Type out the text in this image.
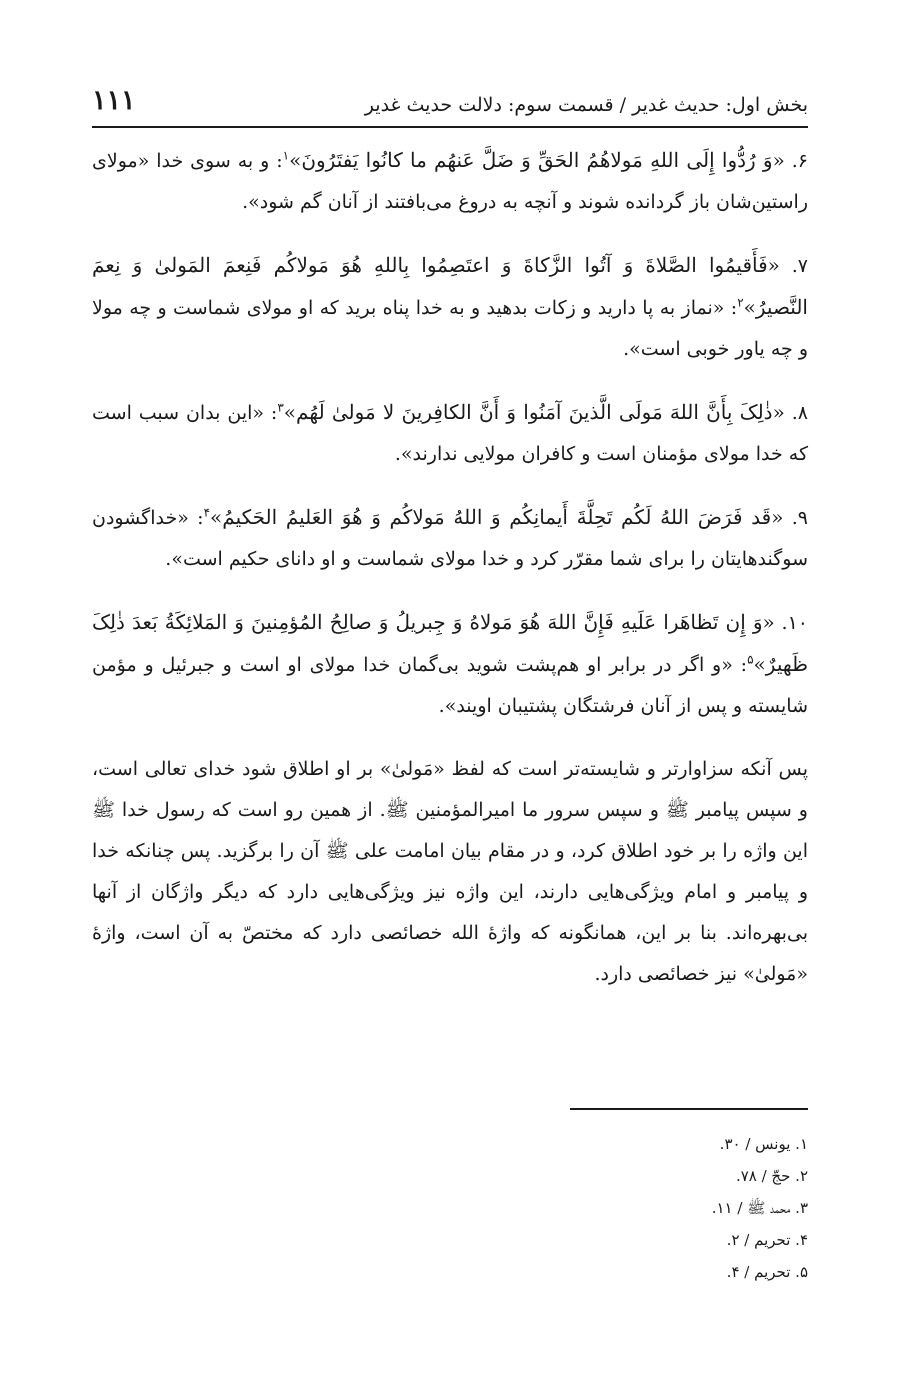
بخش اول: حدیث غدیر / قسمت سوم: دلالت حدیث غدیر
۱۱۱

۶. «وَ رُدُّوا إِلَی اللهِ مَولاهُمُ الحَقِّ وَ ضَلَّ عَنهُم ما کانُوا یَفتَرُونَ»$^۱$: و به سوی خدا «مولای راستین‌شان باز گردانده شوند و آنچه به دروغ می‌بافتند از آنان گم شود».

۷. «فَأَقیمُوا الصَّلاةَ وَ آتُوا الزَّکاةَ وَ اعتَصِمُوا بِاللهِ هُوَ مَولاکُم فَنِعمَ المَولیٰ وَ نِعمَ النَّصیرُ»$^۲$: «نماز به پا دارید و زکات بدهید و به خدا پناه برید که او مولای شماست و چه مولا و چه یاور خوبی است».

۸. «ذٰلِکَ بِأَنَّ اللهَ مَولَی الَّذینَ آمَنُوا وَ أَنَّ الکافِرینَ لا مَولیٰ لَهُم»$^۳$: «این بدان سبب است که خدا مولای مؤمنان است و کافران مولایی ندارند».

۹. «قَد فَرَضَ اللهُ لَکُم تَحِلَّةَ أَیمانِکُم وَ اللهُ مَولاکُم وَ هُوَ العَلیمُ الحَکیمُ»$^۴$: «خداگشودن سوگندهایتان را برای شما مقرّر کرد و خدا مولای شماست و او دانای حکیم است».

۱۰. «وَ إِن تَظاهَرا عَلَیهِ فَإِنَّ اللهَ هُوَ مَولاهُ وَ جِبریلُ وَ صالِحُ المُؤمِنینَ وَ المَلائِکَةُ بَعدَ ذٰلِکَ ظَهیرٌ»$^۵$: «و اگر در برابر او هم‌پشت شوید بی‌گمان خدا مولای او است و جبرئیل و مؤمن شایسته و پس از آنان فرشتگان پشتیبان اویند».

پس آنکه سزاوارتر و شایسته‌تر است که لفظ «مَولیٰ» بر او اطلاق شود خدای تعالی است، و سپس پیامبر ﷺ و سپس سرور ما امیرالمؤمنین ﷺ. از همین رو است که رسول خدا ﷺ این واژه را بر خود اطلاق کرد، و در مقام بیان امامت علی ﷺ آن را برگزید. پس چنانکه خدا و پیامبر و امام ویژگی‌هایی دارند، این واژه نیز ویژگی‌هایی دارد که دیگر واژگان از آنها بی‌بهره‌اند. بنا بر این، همانگونه که واژهٔ الله خصائصی دارد که مختصّ به آن است، واژهٔ «مَولیٰ» نیز خصائصی دارد.

۱. یونس / ۳۰.
۲. حجّ / ۷۸.
۳. محمد ﷺ / ۱۱.
۴. تحریم / ۲.
۵. تحریم / ۴.
